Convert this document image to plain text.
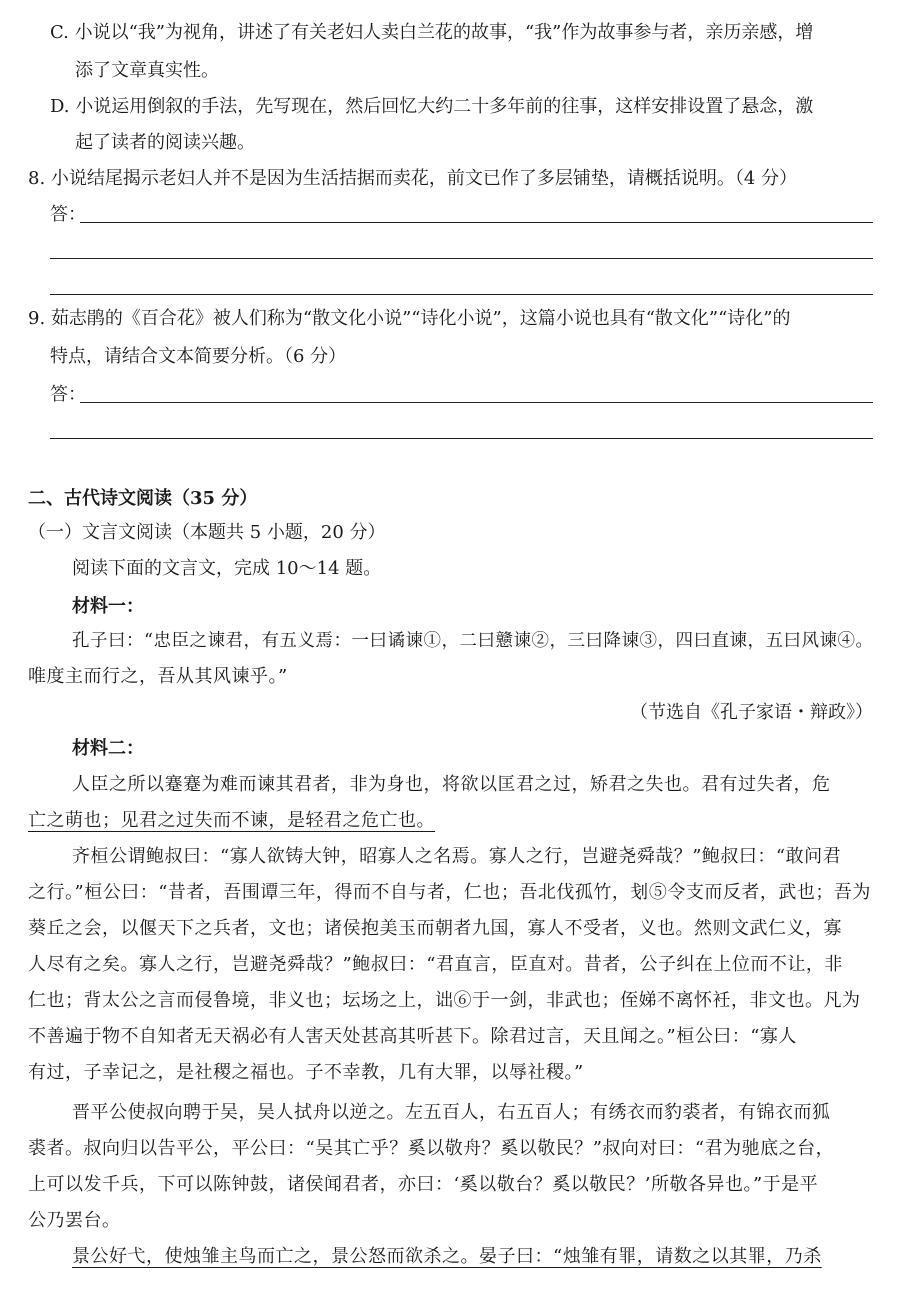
C. 小说以“我”为视角，讲述了有关老妇人卖白兰花的故事，“我”作为故事参与者，亲历亲感，增
添了文章真实性。
D. 小说运用倒叙的手法，先写现在，然后回忆大约二十多年前的往事，这样安排设置了悬念，激
起了读者的阅读兴趣。
8. 小说结尾揭示老妇人并不是因为生活拮据而卖花，前文已作了多层铺垫，请概括说明。（4 分）
答：
9. 茹志鹃的《百合花》被人们称为“散文化小说”“诗化小说”，这篇小说也具有“散文化”“诗化”的
特点，请结合文本简要分析。（6 分）
答：
二、古代诗文阅读（35 分）
（一）文言文阅读（本题共 5 小题，20 分）
阅读下面的文言文，完成 10～14 题。
材料一：
孔子曰：“忠臣之谏君，有五义焉：一曰谲谏①，二曰戆谏②，三曰降谏③，四曰直谏，五曰风谏④。
唯度主而行之，吾从其风谏乎。”
（节选自《孔子家语・辩政》）
材料二：
人臣之所以蹇蹇为难而谏其君者，非为身也，将欲以匡君之过，矫君之失也。君有过失者，危
亡之萌也；见君之过失而不谏，是轻君之危亡也。
齐桓公谓鲍叔曰：“寡人欲铸大钟，昭寡人之名焉。寡人之行，岂避尧舜哉？”鲍叔曰：“敢问君
之行。”桓公曰：“昔者，吾围谭三年，得而不自与者，仁也；吾北伐孤竹，刬⑤令支而反者，武也；吾为
葵丘之会，以偃天下之兵者，文也；诸侯抱美玉而朝者九国，寡人不受者，义也。然则文武仁义，寡
人尽有之矣。寡人之行，岂避尧舜哉？”鲍叔曰：“君直言，臣直对。昔者，公子纠在上位而不让，非
仁也；背太公之言而侵鲁境，非义也；坛场之上，诎⑥于一剑，非武也；侄娣不离怀衽，非文也。凡为
不善遍于物不自知者无天祸必有人害天处甚高其听甚下。除君过言，天且闻之。”桓公曰：“寡人
有过，子幸记之，是社稷之福也。子不幸教，几有大罪，以辱社稷。”
晋平公使叔向聘于吴，吴人拭舟以逆之。左五百人，右五百人；有绣衣而豹裘者，有锦衣而狐
裘者。叔向归以告平公，平公曰：“吴其亡乎？奚以敬舟？奚以敬民？”叔向对曰：“君为驰底之台，
上可以发千兵，下可以陈钟鼓，诸侯闻君者，亦曰：‘奚以敬台？奚以敬民？’所敬各异也。”于是平
公乃罢台。
景公好弋，使烛雏主鸟而亡之，景公怒而欲杀之。晏子曰：“烛雏有罪，请数之以其罪，乃杀
